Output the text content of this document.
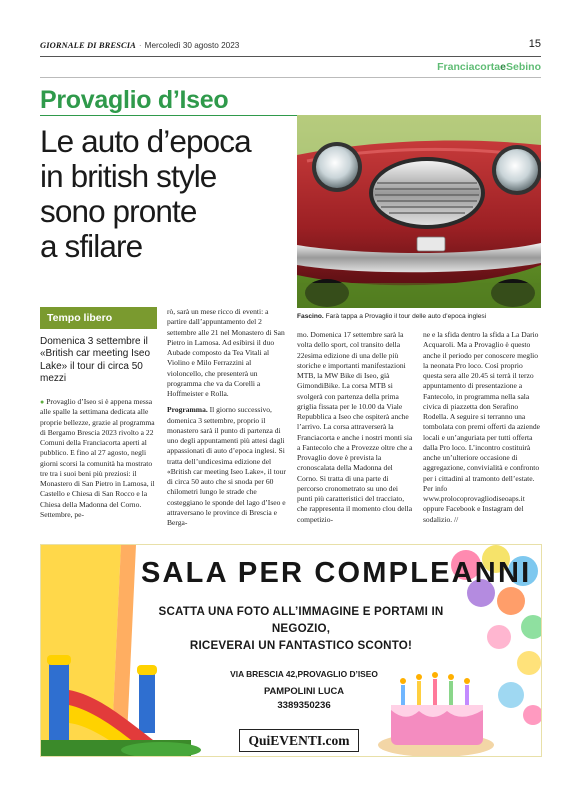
GIORNALE DI BRESCIA · Mercoledì 30 agosto 2023	15
FranciacortaeSebino
Provaglio d’Iseo
Le auto d’epoca
in british style
sono pronte
a sfilare
Fascino. Farà tappa a Provaglio il tour delle auto d’epoca inglesi
Tempo libero
Domenica 3 settembre il «British car meeting Iseo Lake» il tour di circa 50 mezzi

● Provaglio d’Iseo si è appena messa alle spalle la settimana dedicata alle proprie bellezze, grazie al programma di Bergamo Brescia 2023 rivolto a 22 Comuni della Franciacorta aperti al pubblico. E fino al 27 agosto, negli giorni scorsi la comunità ha mostrato tre tra i suoi beni più preziosi: il Monastero di San Pietro in Lamosa, il Castello e Chiesa di San Rocco e la Chiesa della Madonna del Corno. Settembre, pe-

rò, sarà un mese ricco di eventi: a partire dall’appuntamento del 2 settembre alle 21 nel Monastero di San Pietro in Lamosa. Ad esibirsi il duo Aubade composto da Tea Vitali al Violino e Milo Ferrazzini al violoncello, che presenterà un programma che va da Corelli a Hoffmeister e Rolla.

Programma. Il giorno successivo, domenica 3 settembre, proprio il monastero sarà il punto di partenza di uno degli appuntamenti più attesi dagli appassionati di auto d’epoca inglesi. Si tratta dell’undicesima edizione del «British car meeting Iseo Lake», il tour di circa 50 auto che si snoda per 60 chilometri lungo le strade che costeggiano le sponde del lago d’Iseo e attraversano le province di Brescia e Berga-

mo. Domenica 17 settembre sarà la volta dello sport, col transito della 22esima edizione di una delle più storiche e importanti manifestazioni MTB, la MW Bike di Iseo, già GimondiBike. La corsa MTB si svolgerà con partenza della prima griglia fissata per le 10.00 da Viale Repubblica a Iseo che ospiterà anche l’arrivo. La corsa attraverserà la Franciacorta e anche i nostri monti sia a Fantecolo che a Provezze oltre che a Provaglio dove è prevista la cronoscalata della Madonna del Corno. Si tratta di una parte di percorso cronometrato su uno dei punti più caratteristici del tracciato, che rappresenta il momento clou della competizio-

ne e la sfida dentro la sfida a La Dario Acquaroli. Ma a Provaglio è questo anche il periodo per conoscere meglio la neonata Pro loco. Così proprio questa sera alle 20.45 si terrà il terzo appuntamento di presentazione a Fantecolo, in programma nella sala civica di piazzetta don Serafino Rodella. A seguire si terranno una tombolata con premi offerti da aziende locali e un’anguriata per tutti offerta dalla Pro loco. L’incontro costituirà anche un’ulteriore occasione di aggregazione, convivialità e confronto per i cittadini al tramonto dell’estate. Per info www.prolocoprovagliodiseoaps.it oppure Facebook e Instagram del sodalizio. //

SALA PER COMPLEANNI
SCATTA UNA FOTO ALL’IMMAGINE E PORTAMI IN
NEGOZIO,
RICEVERAI UN FANTASTICO SCONTO!
VIA BRESCIA 42,PROVAGLIO D’ISEO
PAMPOLINI LUCA
3389350236
QuiEVENTI.com
